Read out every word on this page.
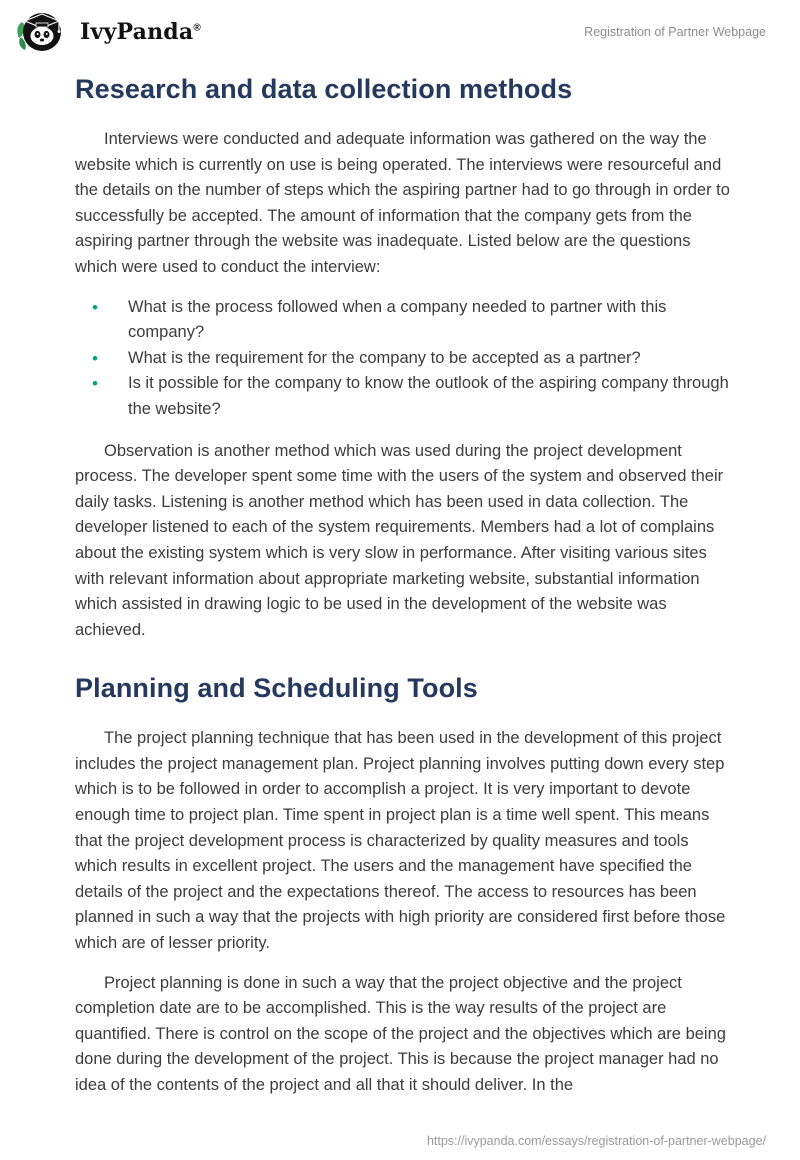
IvyPanda®	Registration of Partner Webpage
Research and data collection methods

Interviews were conducted and adequate information was gathered on the way the website which is currently on use is being operated. The interviews were resourceful and the details on the number of steps which the aspiring partner had to go through in order to successfully be accepted. The amount of information that the company gets from the aspiring partner through the website was inadequate. Listed below are the questions which were used to conduct the interview:

• What is the process followed when a company needed to partner with this company?
• What is the requirement for the company to be accepted as a partner?
• Is it possible for the company to know the outlook of the aspiring company through the website?

Observation is another method which was used during the project development process. The developer spent some time with the users of the system and observed their daily tasks. Listening is another method which has been used in data collection. The developer listened to each of the system requirements. Members had a lot of complains about the existing system which is very slow in performance. After visiting various sites with relevant information about appropriate marketing website, substantial information which assisted in drawing logic to be used in the development of the website was achieved.

Planning and Scheduling Tools

The project planning technique that has been used in the development of this project includes the project management plan. Project planning involves putting down every step which is to be followed in order to accomplish a project. It is very important to devote enough time to project plan. Time spent in project plan is a time well spent. This means that the project development process is characterized by quality measures and tools which results in excellent project. The users and the management have specified the details of the project and the expectations thereof. The access to resources has been planned in such a way that the projects with high priority are considered first before those which are of lesser priority.

Project planning is done in such a way that the project objective and the project completion date are to be accomplished. This is the way results of the project are quantified. There is control on the scope of the project and the objectives which are being done during the development of the project. This is because the project manager had no idea of the contents of the project and all that it should deliver. In the

https://ivypanda.com/essays/registration-of-partner-webpage/
